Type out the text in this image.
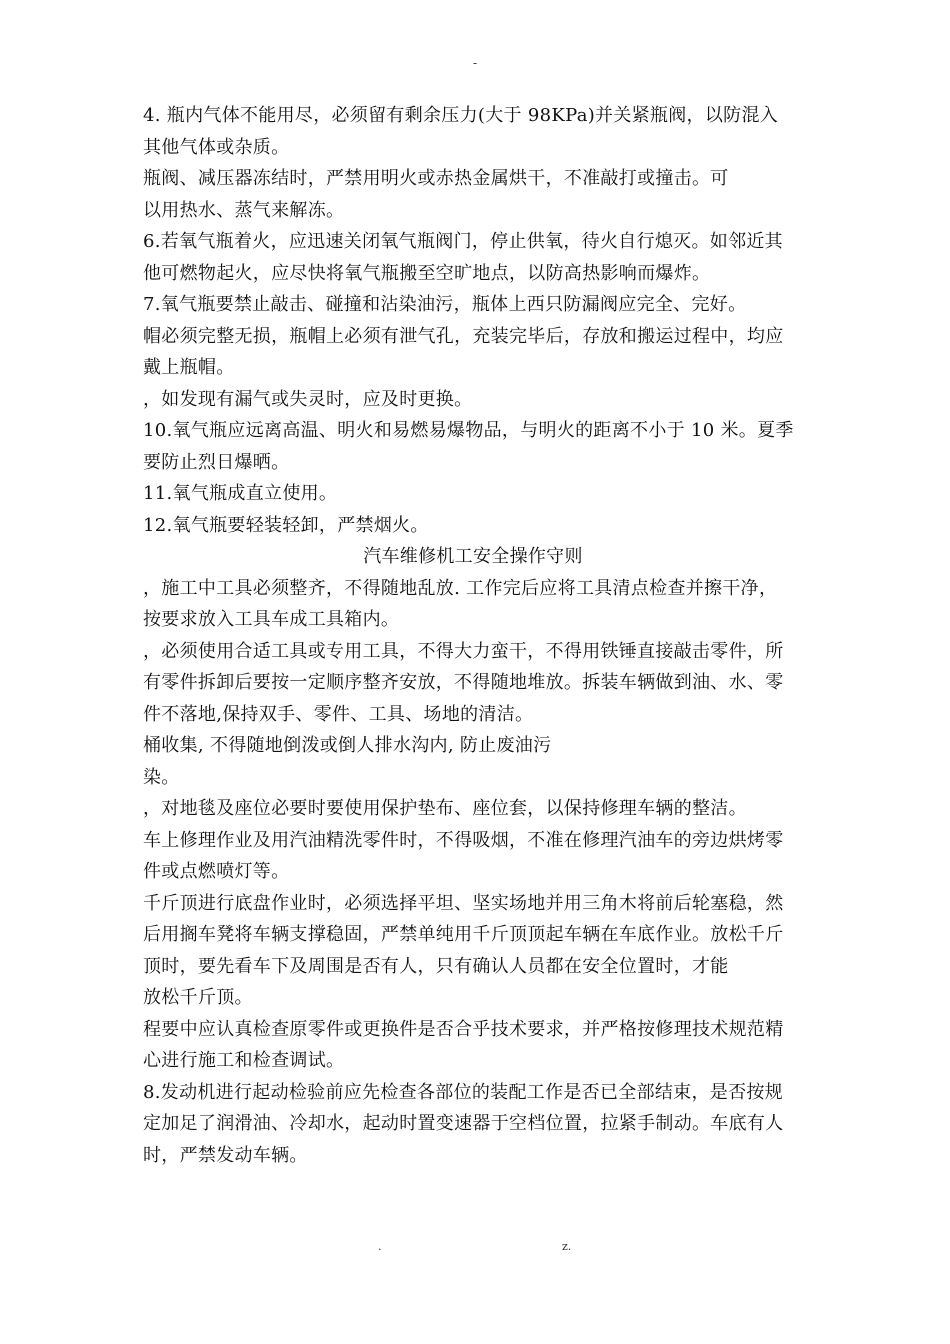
-
4. 瓶内气体不能用尽，必须留有剩余压力(大于 98KPa)并关紧瓶阀，以防混入
其他气体或杂质。
瓶阀、减压器冻结时，严禁用明火或赤热金属烘干，不准敲打或撞击。可
以用热水、蒸气来解冻。
6.若氧气瓶着火，应迅速关闭氧气瓶阀门，停止供氧，待火自行熄灭。如邻近其
他可燃物起火，应尽快将氧气瓶搬至空旷地点，以防高热影响而爆炸。
7.氧气瓶要禁止敲击、碰撞和沾染油污，瓶体上西只防漏阀应完全、完好。
帽必须完整无损，瓶帽上必须有泄气孔，充装完毕后，存放和搬运过程中，均应
戴上瓶帽。
，如发现有漏气或失灵时，应及时更换。
10.氧气瓶应远离高温、明火和易燃易爆物品，与明火的距离不小于 10 米。夏季
要防止烈日爆晒。
11.氧气瓶成直立使用。
12.氧气瓶要轻装轻卸，严禁烟火。
汽车维修机工安全操作守则
，施工中工具必须整齐，不得随地乱放. 工作完后应将工具清点检查并擦干净，
按要求放入工具车成工具箱内。
，必须使用合适工具或专用工具，不得大力蛮干，不得用铁锤直接敲击零件，所
有零件拆卸后要按一定顺序整齐安放，不得随地堆放。拆装车辆做到油、水、零
件不落地,保持双手、零件、工具、场地的清洁。
桶收集, 不得随地倒泼或倒人排水沟内, 防止废油污
染。
，对地毯及座位必要时要使用保护垫布、座位套，以保持修理车辆的整洁。
车上修理作业及用汽油精洗零件时，不得吸烟，不准在修理汽油车的旁边烘烤零
件或点燃喷灯等。
千斤顶进行底盘作业时，必须选择平坦、坚实场地并用三角木将前后轮塞稳，然
后用搁车凳将车辆支撑稳固，严禁单纯用千斤顶顶起车辆在车底作业。放松千斤
顶时，要先看车下及周围是否有人，只有确认人员都在安全位置时，才能
放松千斤顶。
程要中应认真检查原零件或更换件是否合乎技术要求，并严格按修理技术规范精
心进行施工和检查调试。
8.发动机进行起动检验前应先检查各部位的装配工作是否已全部结束，是否按规
定加足了润滑油、冷却水，起动时置变速器于空档位置，拉紧手制动。车底有人
时，严禁发动车辆。
.	z.
